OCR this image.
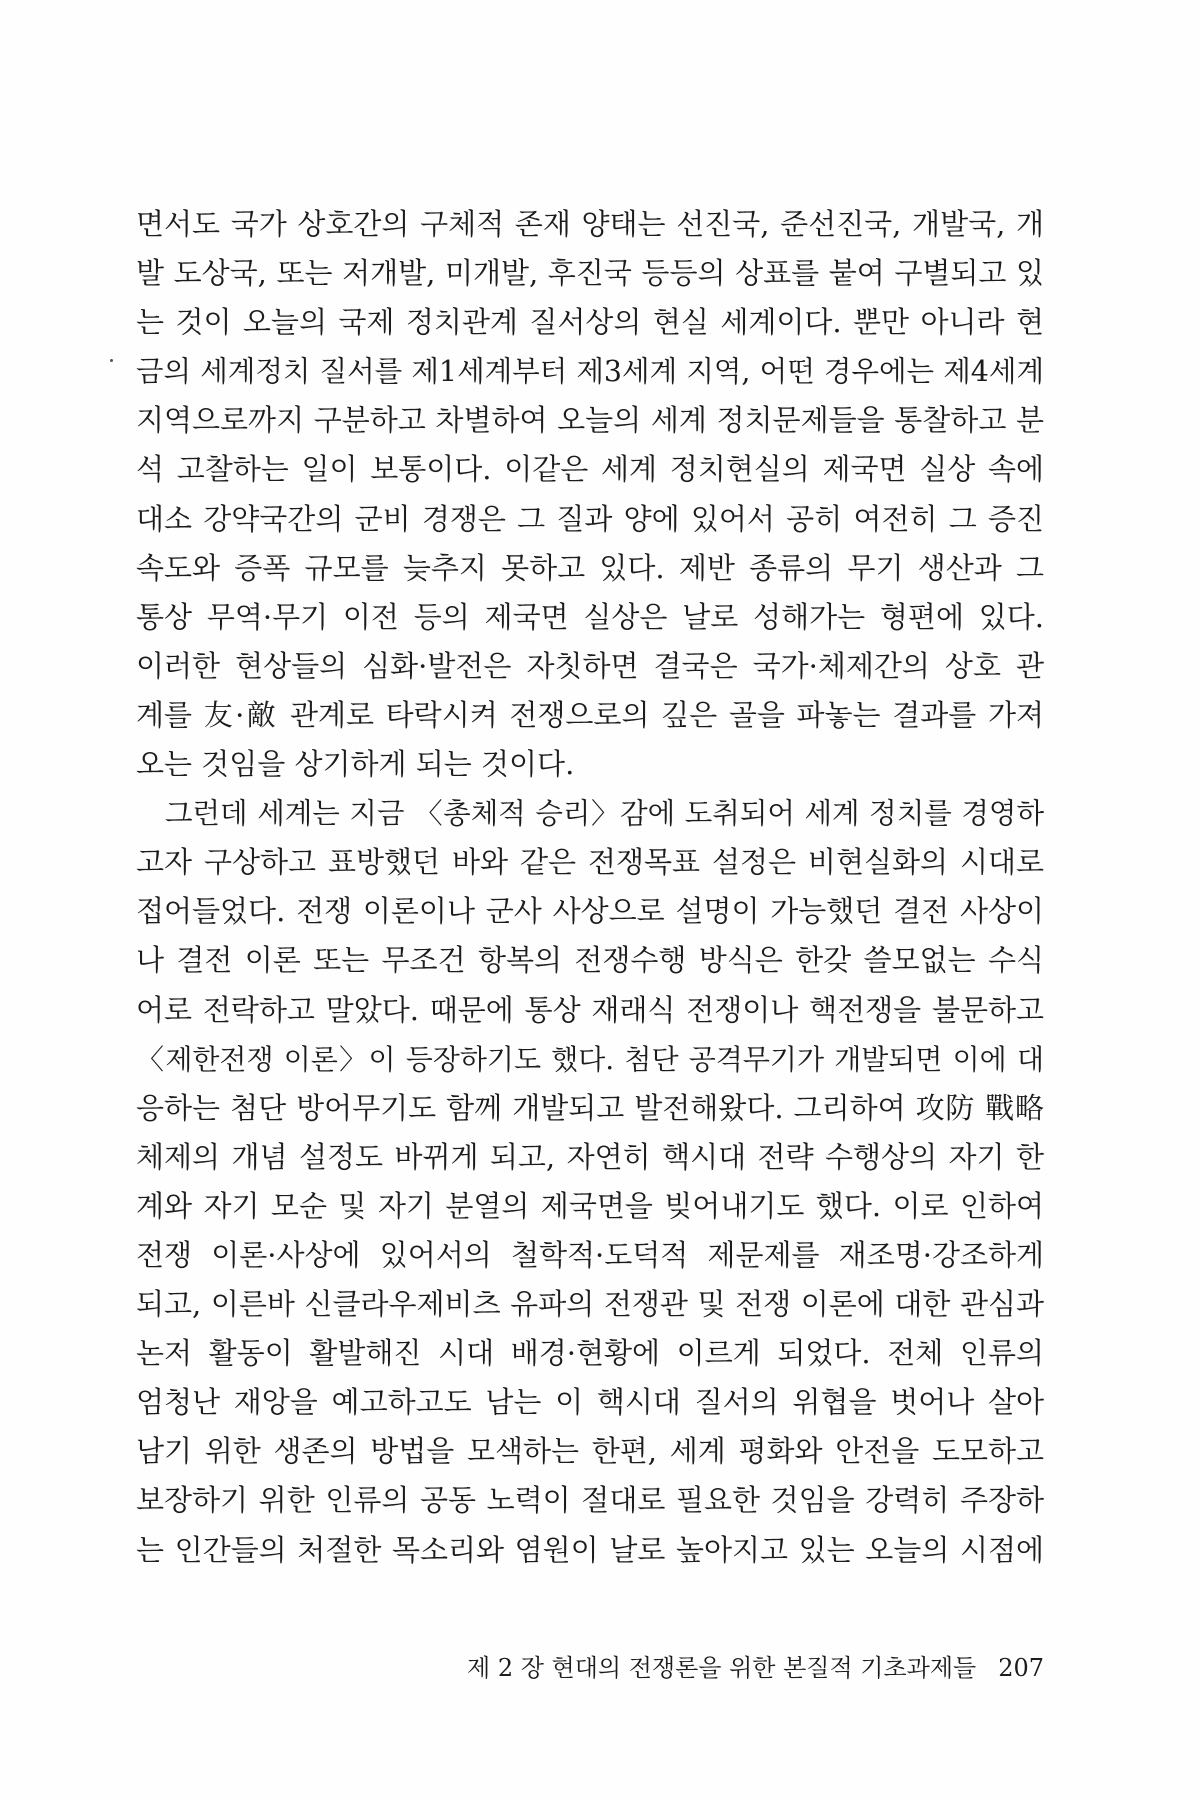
면서도 국가 상호간의 구체적 존재 양태는 선진국, 준선진국, 개발국, 개
발 도상국, 또는 저개발, 미개발, 후진국 등등의 상표를 붙여 구별되고 있
는 것이 오늘의 국제 정치관계 질서상의 현실 세계이다. 뿐만 아니라 현
금의 세계정치 질서를 제1세계부터 제3세계 지역, 어떤 경우에는 제4세계
지역으로까지 구분하고 차별하여 오늘의 세계 정치문제들을 통찰하고 분
석 고찰하는 일이 보통이다. 이같은 세계 정치현실의 제국면 실상 속에
대소 강약국간의 군비 경쟁은 그 질과 양에 있어서 공히 여전히 그 증진
속도와 증폭 규모를 늦추지 못하고 있다. 제반 종류의 무기 생산과 그
통상 무역·무기 이전 등의 제국면 실상은 날로 성해가는 형편에 있다.
이러한 현상들의 심화·발전은 자칫하면 결국은 국가·체제간의 상호 관
계를 友·敵 관계로 타락시켜 전쟁으로의 깊은 골을 파놓는 결과를 가져
오는 것임을 상기하게 되는 것이다.
그런데 세계는 지금 〈총체적 승리〉감에 도취되어 세계 정치를 경영하
고자 구상하고 표방했던 바와 같은 전쟁목표 설정은 비현실화의 시대로
접어들었다. 전쟁 이론이나 군사 사상으로 설명이 가능했던 결전 사상이
나 결전 이론 또는 무조건 항복의 전쟁수행 방식은 한갖 쓸모없는 수식
어로 전락하고 말았다. 때문에 통상 재래식 전쟁이나 핵전쟁을 불문하고
〈제한전쟁 이론〉이 등장하기도 했다. 첨단 공격무기가 개발되면 이에 대
응하는 첨단 방어무기도 함께 개발되고 발전해왔다. 그리하여 攻防 戰略
체제의 개념 설정도 바뀌게 되고, 자연히 핵시대 전략 수행상의 자기 한
계와 자기 모순 및 자기 분열의 제국면을 빚어내기도 했다. 이로 인하여
전쟁 이론·사상에 있어서의 철학적·도덕적 제문제를 재조명·강조하게
되고, 이른바 신클라우제비츠 유파의 전쟁관 및 전쟁 이론에 대한 관심과
논저 활동이 활발해진 시대 배경·현황에 이르게 되었다. 전체 인류의
엄청난 재앙을 예고하고도 남는 이 핵시대 질서의 위협을 벗어나 살아
남기 위한 생존의 방법을 모색하는 한편, 세계 평화와 안전을 도모하고
보장하기 위한 인류의 공동 노력이 절대로 필요한 것임을 강력히 주장하
는 인간들의 처절한 목소리와 염원이 날로 높아지고 있는 오늘의 시점에
제 2 장 현대의 전쟁론을 위한 본질적 기초과제들 207
